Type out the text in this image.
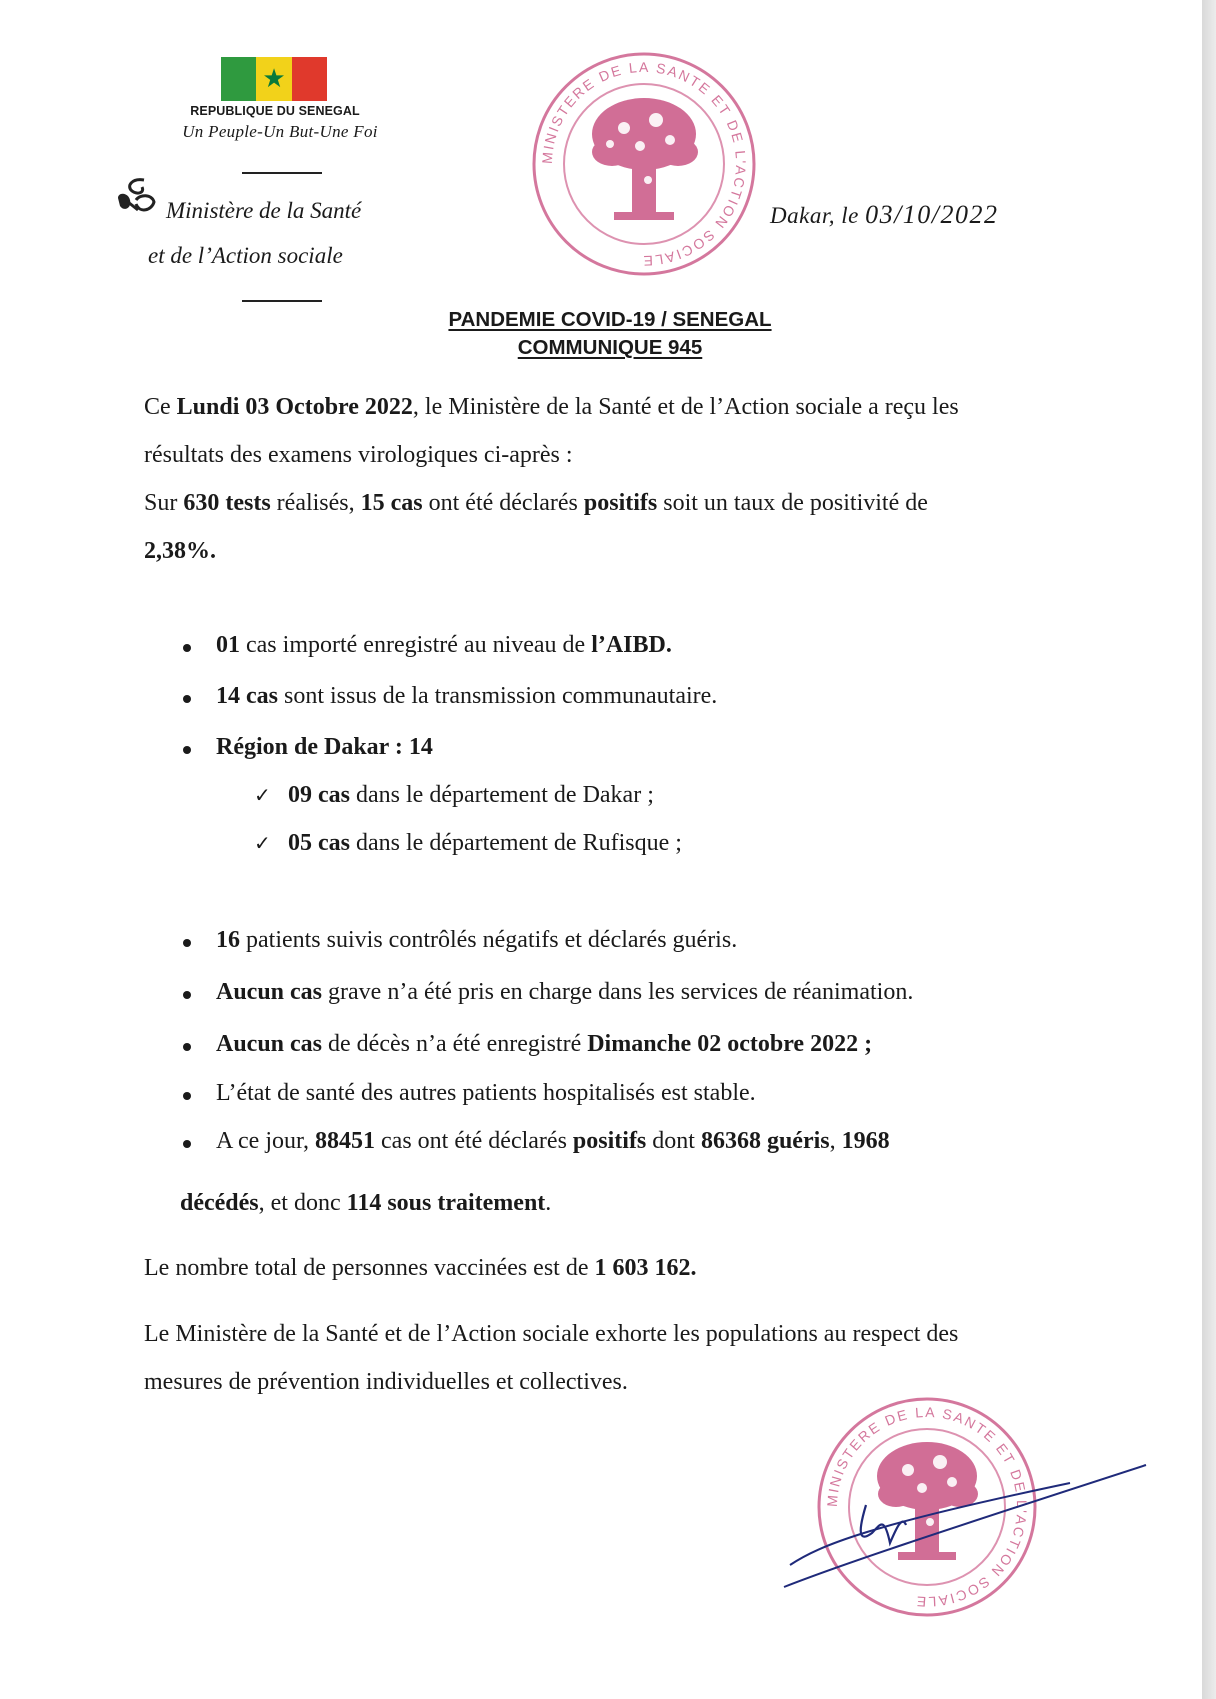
★
REPUBLIQUE DU SENEGAL
Un Peuple-Un But-Une Foi
Ministère de la Santé
et de l’Action sociale
MINISTERE DE LA SANTE ET DE L'ACTION SOCIALE
Dakar, le 03/10/2022
PANDEMIE COVID-19 / SENEGAL
COMMUNIQUE 945
Ce Lundi 03 Octobre 2022, le Ministère de la Santé et de l’Action sociale a reçu les
résultats des examens virologiques ci-après :
Sur 630 tests réalisés, 15 cas ont été déclarés positifs soit un taux de positivité de
2,38%.
01 cas importé enregistré au niveau de l’AIBD.
14 cas sont issus de la transmission communautaire.
Région de Dakar : 14
✓ 09 cas dans le département de Dakar ;
✓ 05 cas dans le département de Rufisque ;
16 patients suivis contrôlés négatifs et déclarés guéris.
Aucun cas grave n’a été pris en charge dans les services de réanimation.
Aucun cas de décès n’a été enregistré Dimanche 02 octobre 2022 ;
L’état de santé des autres patients hospitalisés est stable.
A ce jour, 88451 cas ont été déclarés positifs dont 86368 guéris, 1968
décédés, et donc 114 sous traitement.
Le nombre total de personnes vaccinées est de 1 603 162.
Le Ministère de la Santé et de l’Action sociale exhorte les populations au respect des
mesures de prévention individuelles et collectives.
MINISTERE DE LA SANTE ET DE L'ACTION SOCIALE
